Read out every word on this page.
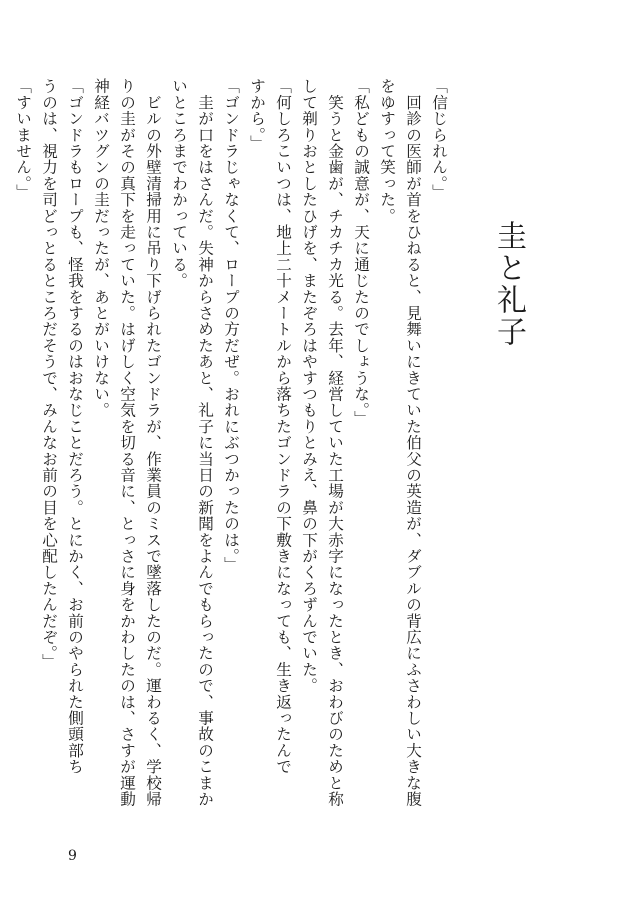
圭と礼子

「信じられん。」

　回診の医師が首をひねると、見舞いにきていた伯父の英造が、ダブルの背広にふさわしい大きな腹

をゆすって笑った。

「私どもの誠意が、天に通じたのでしょうな。」

　笑うと金歯が、チカチカ光る。去年、経営していた工場が大赤字になったとき、おわびのためと称

して剃りおとしたひげを、またぞろはやすつもりとみえ、鼻の下がくろずんでいた。

「何しろこいつは、地上二十メートルから落ちたゴンドラの下敷きになっても、生き返ったんで

すから。」

「ゴンドラじゃなくて、ロープの方だぜ。おれにぶつかったのは。」

　圭が口をはさんだ。失神からさめたあと、礼子に当日の新聞をよんでもらったので、事故のこまか

いところまでわかっている。

　ビルの外壁清掃用に吊り下げられたゴンドラが、作業員のミスで墜落したのだ。運わるく、学校帰

りの圭がその真下を走っていた。はげしく空気を切る音に、とっさに身をかわしたのは、さすが運動

神経バツグンの圭だったが、あとがいけない。

「ゴンドラもロープも、怪我をするのはおなじことだろう。とにかく、お前のやられた側頭部ち

うのは、視力を司どっとるところだそうで、みんなお前の目を心配したんだぞ。」

「すいません。」

9
